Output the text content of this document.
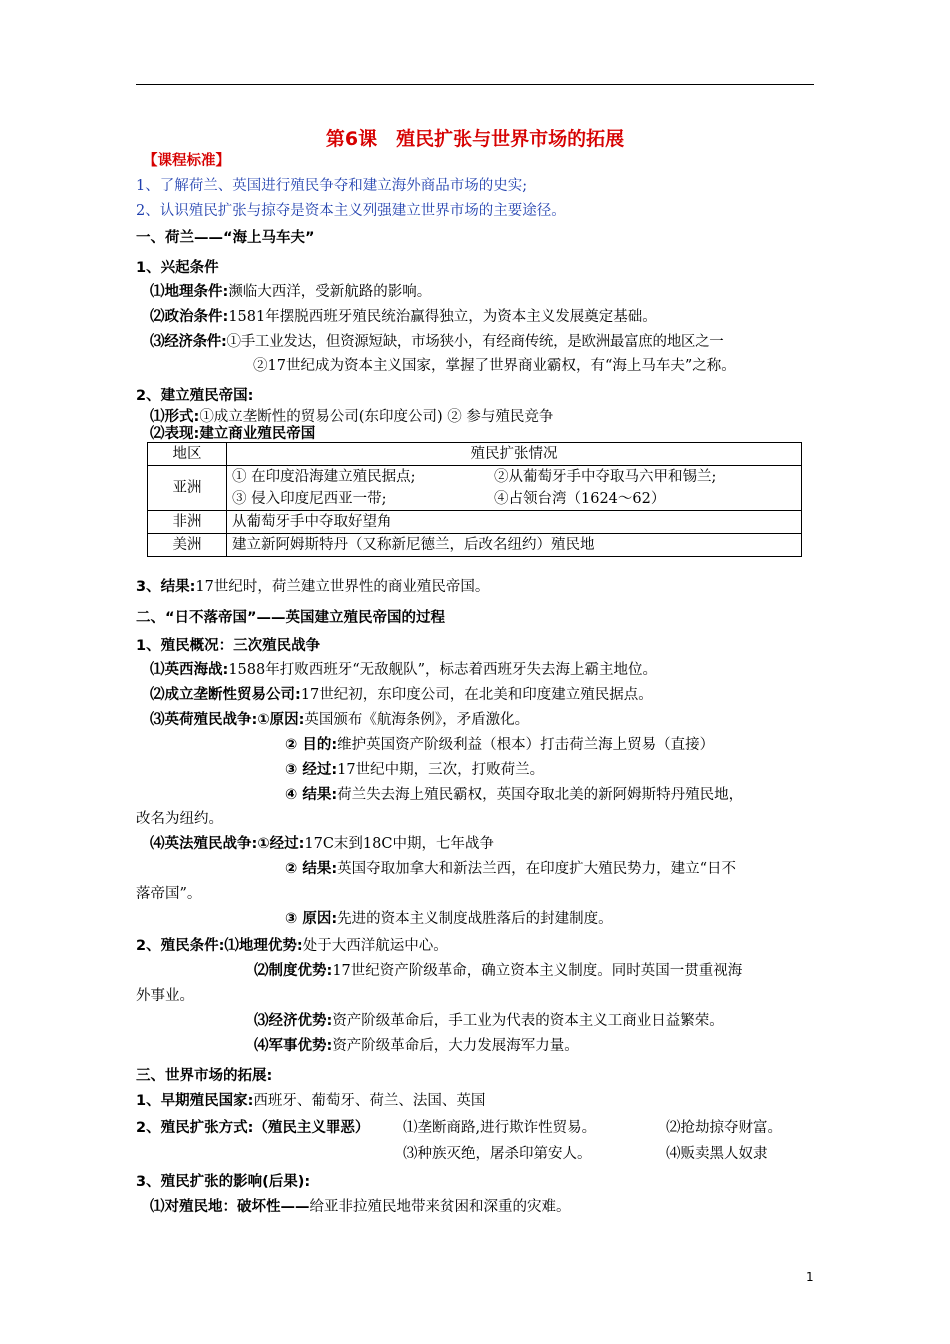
第6课　殖民扩张与世界市场的拓展
【课程标准】
1、了解荷兰、英国进行殖民争夺和建立海外商品市场的史实;
2、认识殖民扩张与掠夺是资本主义列强建立世界市场的主要途径。
一、荷兰——“海上马车夫”
1、兴起条件
⑴地理条件:濒临大西洋，受新航路的影响。
⑵政治条件:1581年摆脱西班牙殖民统治赢得独立，为资本主义发展奠定基础。
⑶经济条件:①手工业发达，但资源短缺，市场狭小，有经商传统，是欧洲最富庶的地区之一
②17世纪成为资本主义国家，掌握了世界商业霸权，有“海上马车夫”之称。
2、建立殖民帝国:
⑴形式:①成立垄断性的贸易公司(东印度公司) ② 参与殖民竞争
⑵表现:建立商业殖民帝国
地区	殖民扩张情况
亚洲	① 在印度沿海建立殖民据点; ②从葡萄牙手中夺取马六甲和锡兰;
③ 侵入印度尼西亚一带; ④占领台湾（1624～62）

非洲	从葡萄牙手中夺取好望角
美洲	建立新阿姆斯特丹（又称新尼德兰，后改名纽约）殖民地
3、结果:17世纪时，荷兰建立世界性的商业殖民帝国。
二、“日不落帝国”——英国建立殖民帝国的过程
1、殖民概况：三次殖民战争
⑴英西海战:1588年打败西班牙“无敌舰队”，标志着西班牙失去海上霸主地位。
⑵成立垄断性贸易公司:17世纪初，东印度公司，在北美和印度建立殖民据点。
⑶英荷殖民战争:①原因:英国颁布《航海条例》，矛盾激化。
② 目的:维护英国资产阶级利益（根本）打击荷兰海上贸易（直接）
③ 经过:17世纪中期，三次，打败荷兰。
④ 结果:荷兰失去海上殖民霸权，英国夺取北美的新阿姆斯特丹殖民地，
改名为纽约。
⑷英法殖民战争:①经过:17C末到18C中期，七年战争
② 结果:英国夺取加拿大和新法兰西，在印度扩大殖民势力，建立“日不
落帝国”。
③ 原因:先进的资本主义制度战胜落后的封建制度。
2、殖民条件:⑴地理优势:处于大西洋航运中心。
⑵制度优势:17世纪资产阶级革命，确立资本主义制度。同时英国一贯重视海
外事业。
⑶经济优势:资产阶级革命后，手工业为代表的资本主义工商业日益繁荣。
⑷军事优势:资产阶级革命后，大力发展海军力量。
三、世界市场的拓展:
1、早期殖民国家:西班牙、葡萄牙、荷兰、法国、英国
2、殖民扩张方式:（殖民主义罪恶） ⑴垄断商路,进行欺诈性贸易。	⑵抢劫掠夺财富。
⑶种族灭绝，屠杀印第安人。	⑷贩卖黑人奴隶
3、殖民扩张的影响(后果):
⑴对殖民地：破坏性——给亚非拉殖民地带来贫困和深重的灾难。
1
